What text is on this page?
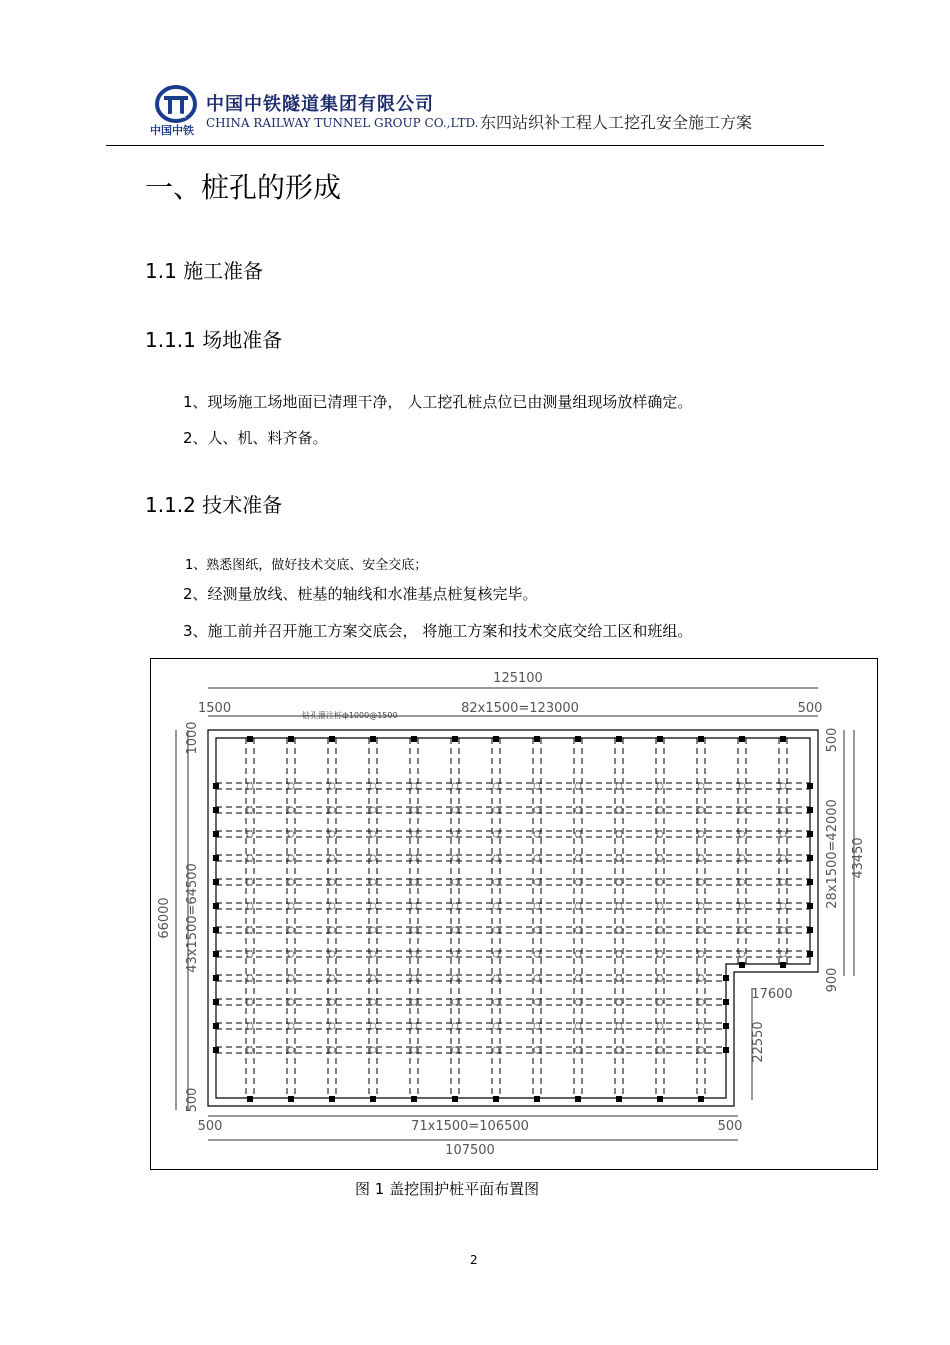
CREC
中国中铁
中国中铁隧道集团有限公司
CHINA RAILWAY TUNNEL GROUP CO.,LTD. 东四站织补工程人工挖孔安全施工方案
一、桩孔的形成
1.1 施工准备
1.1.1 场地准备
1、现场施工场地面已清理干净， 人工挖孔桩点位已由测量组现场放样确定。
2、人、机、料齐备。
1.1.2 技术准备
1、熟悉图纸，做好技术交底、安全交底；
2、经测量放线、桩基的轴线和水准基点桩复核完毕。
3、施工前并召开施工方案交底会， 将施工方案和技术交底交给工区和班组。
125100
1500	82x1500=123000	500
钻孔灌注桩ф1000@1500
66000
1000
43x1500=64500
500
500
28x1500=42000 43450
900
17600
22550
500	71x1500=106500	500
107500
图 1 盖挖围护桩平面布置图
2
